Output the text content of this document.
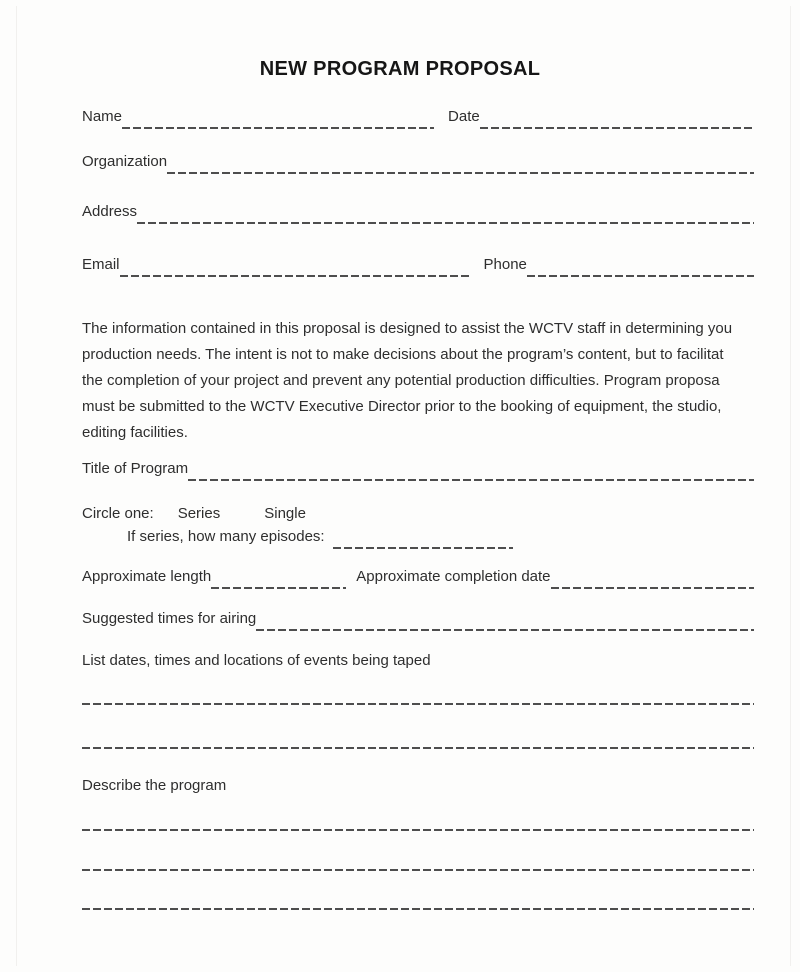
NEW PROGRAM PROPOSAL
Name	Date
Organization
Address
Email	Phone
The information contained in this proposal is designed to assist the WCTV staff in determining you
production needs. The intent is not to make decisions about the program’s content, but to facilitat
the completion of your project and prevent any potential production difficulties. Program proposa
must be submitted to the WCTV Executive Director prior to the booking of equipment, the studio,
editing facilities.
Title of Program
Circle one: Series	Single
If series, how many episodes:
Approximate length	Approximate completion date
Suggested times for airing
List dates, times and locations of events being taped
Describe the program
